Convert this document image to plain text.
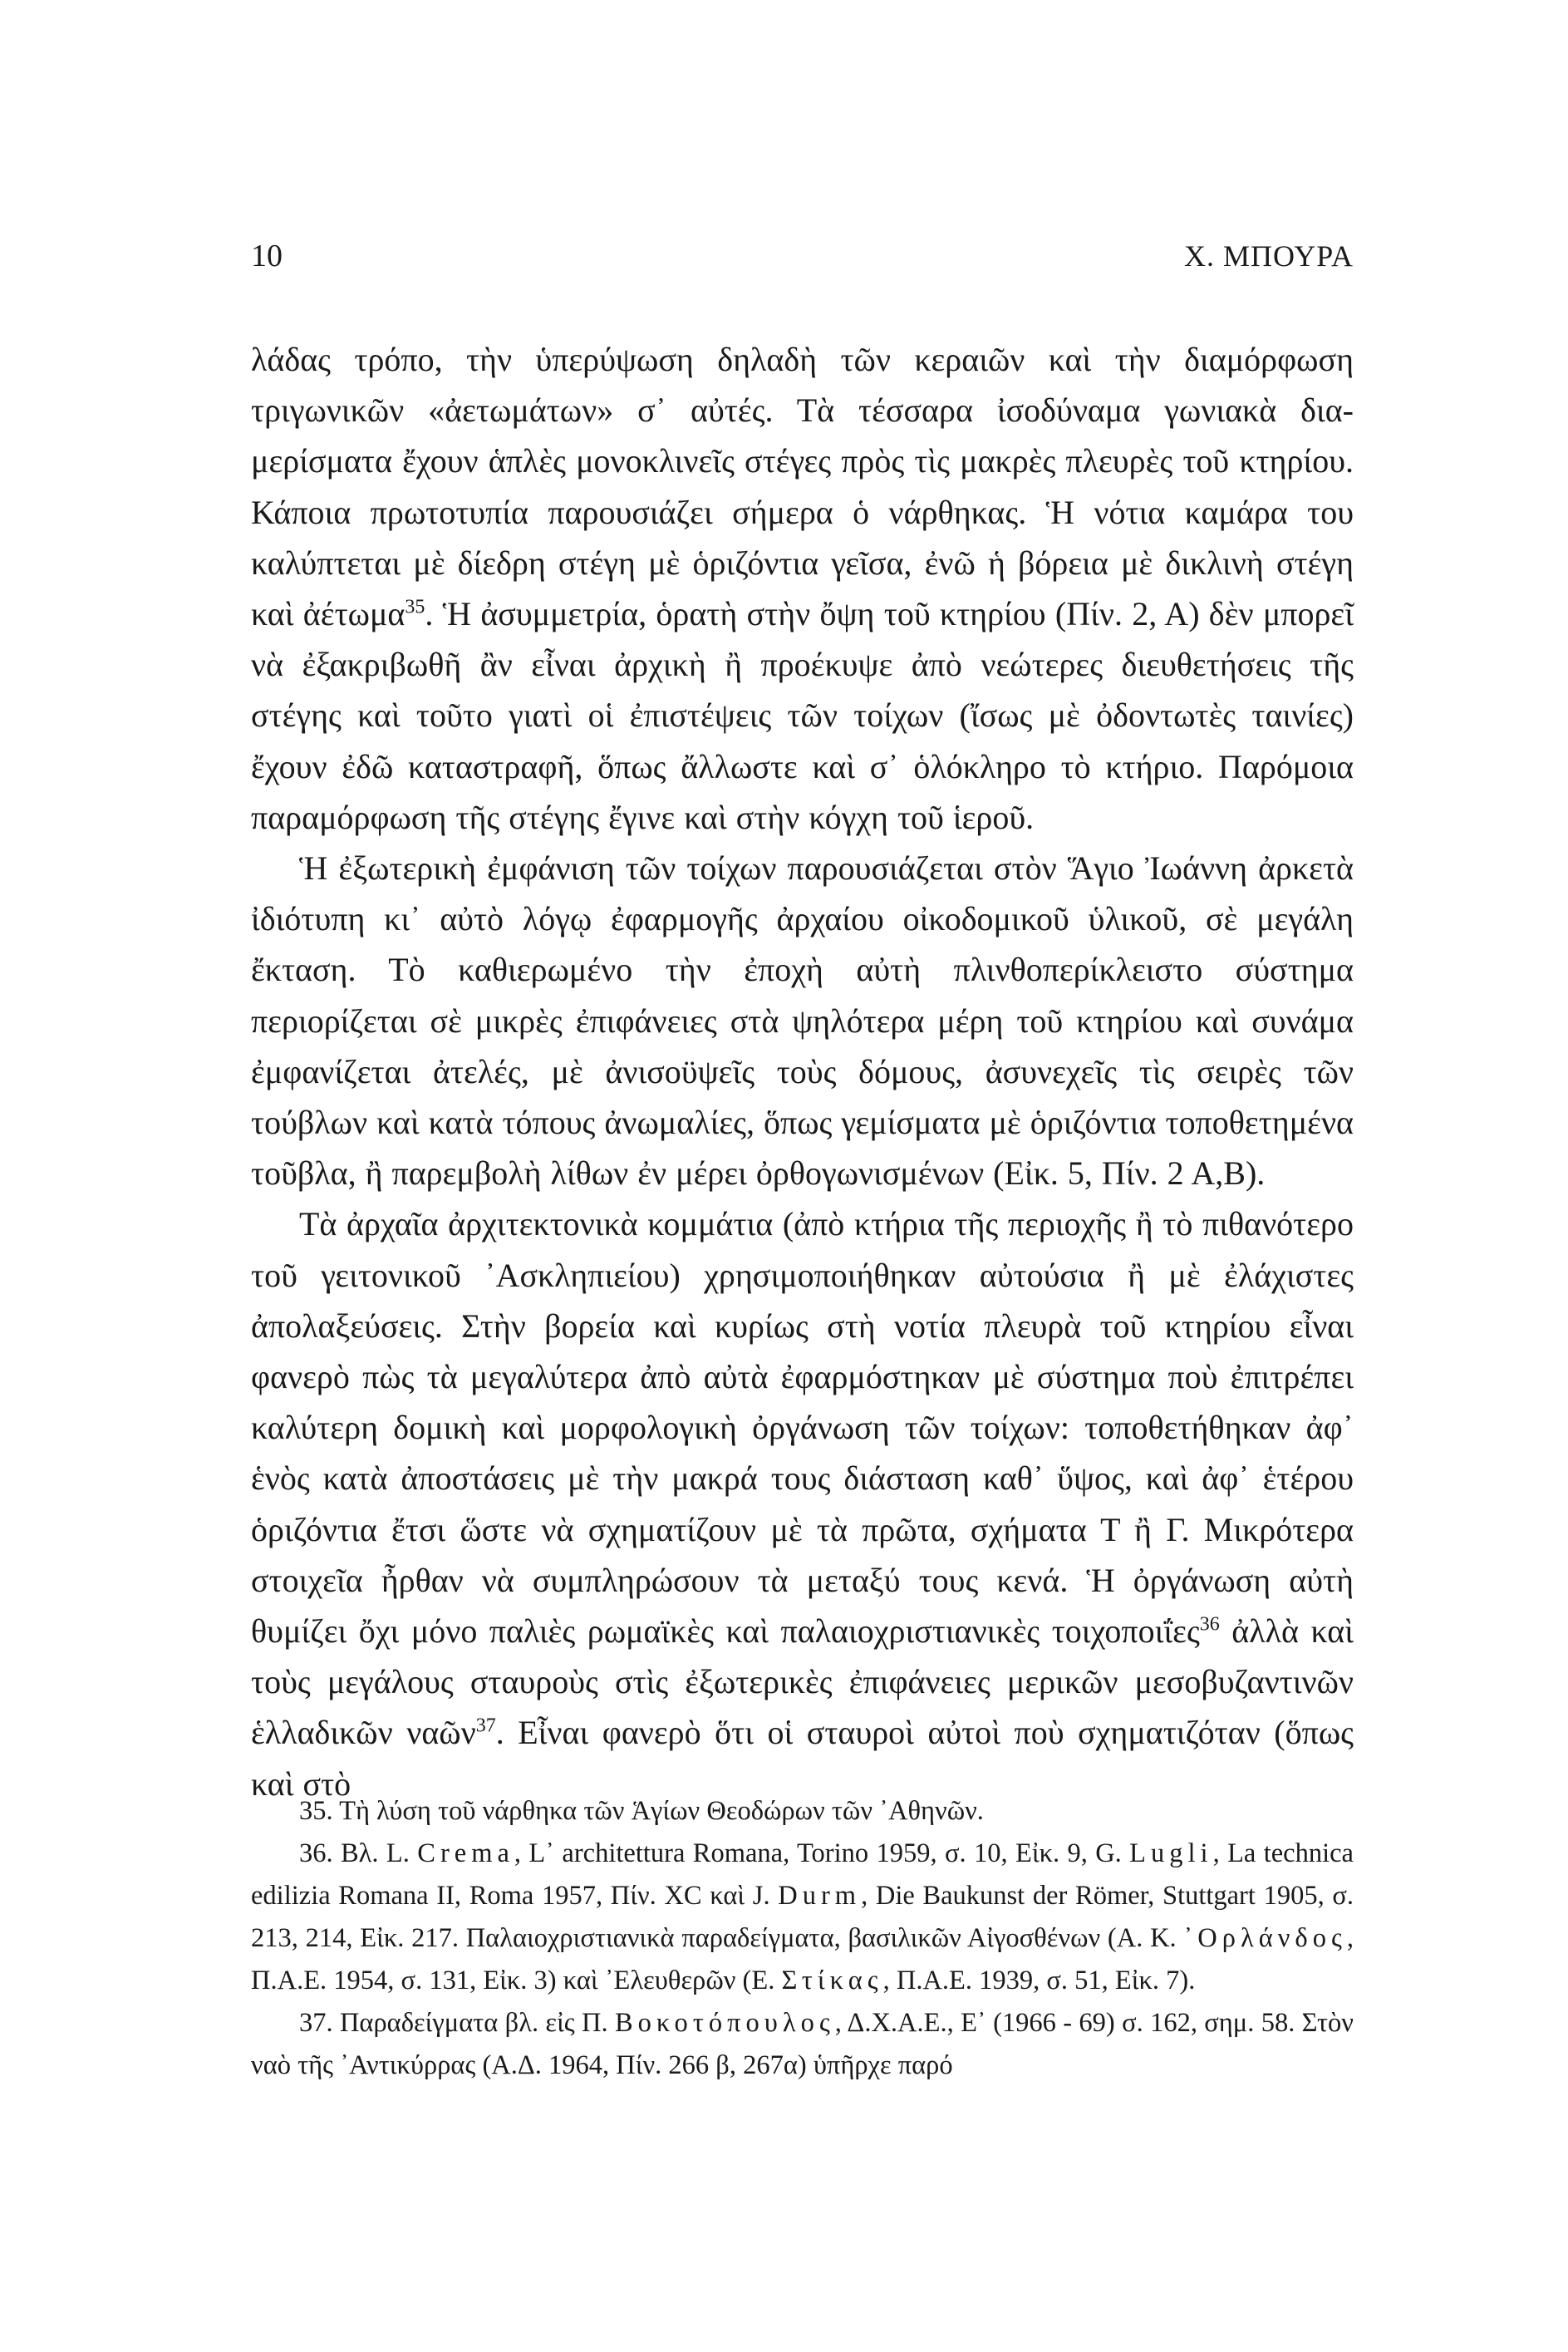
10	Χ. ΜΠΟΥΡΑ

λάδας τρόπο, τὴν ὑπερύψωση δηλαδὴ τῶν κεραιῶν καὶ τὴν διαμόρφωση τριγωνικῶν «ἀετωμάτων» σ᾿ αὐτές. Τὰ τέσσαρα ἰσοδύναμα γωνιακὰ διαμερίσματα ἔχουν ἁπλὲς μονοκλινεῖς στέγες πρὸς τὶς μακρὲς πλευρὲς τοῦ κτηρίου. Κάποια πρωτοτυπία παρουσιάζει σήμερα ὁ νάρθηκας. Ἡ νότια καμάρα του καλύπτεται μὲ δίεδρη στέγη μὲ ὁριζόντια γεῖσα, ἐνῶ ἡ βόρεια μὲ δικλινὴ στέγη καὶ ἀέτωμα$^{35}$. Ἡ ἀσυμμετρία, ὁρατὴ στὴν ὄψη τοῦ κτηρίου (Πίν. 2, Α) δὲν μπορεῖ νὰ ἐξακριβωθῆ ἂν εἶναι ἀρχικὴ ἢ προέκυψε ἀπὸ νεώτερες διευθετήσεις τῆς στέγης καὶ τοῦτο γιατὶ οἱ ἐπιστέψεις τῶν τοίχων (ἴσως μὲ ὀδοντωτὲς ταινίες) ἔχουν ἐδῶ καταστραφῆ, ὅπως ἄλλωστε καὶ σ᾿ ὁλόκληρο τὸ κτήριο. Παρόμοια παραμόρφωση τῆς στέγης ἔγινε καὶ στὴν κόγχη τοῦ ἱεροῦ.

Ἡ ἐξωτερικὴ ἐμφάνιση τῶν τοίχων παρουσιάζεται στὸν Ἅγιο Ἰωάννη ἀρκετὰ ἰδιότυπη κι᾿ αὐτὸ λόγῳ ἐφαρμογῆς ἀρχαίου οἰκοδομικοῦ ὑλικοῦ, σὲ μεγάλη ἔκταση. Τὸ καθιερωμένο τὴν ἐποχὴ αὐτὴ πλινθοπερίκλειστο σύστημα περιορίζεται σὲ μικρὲς ἐπιφάνειες στὰ ψηλότερα μέρη τοῦ κτηρίου καὶ συνάμα ἐμφανίζεται ἀτελές, μὲ ἀνισοϋψεῖς τοὺς δόμους, ἀσυνεχεῖς τὶς σειρὲς τῶν τούβλων καὶ κατὰ τόπους ἀνωμαλίες, ὅπως γεμίσματα μὲ ὁριζόντια τοποθετημένα τοῦβλα, ἢ παρεμβολὴ λίθων ἐν μέρει ὀρθογωνισμένων (Εἰκ. 5, Πίν. 2 Α,Β).

Τὰ ἀρχαῖα ἀρχιτεκτονικὰ κομμάτια (ἀπὸ κτήρια τῆς περιοχῆς ἢ τὸ πιθανότερο τοῦ γειτονικοῦ ᾿Ασκληπιείου) χρησιμοποιήθηκαν αὐτούσια ἢ μὲ ἐλάχιστες ἀπολαξεύσεις. Στὴν βορεία καὶ κυρίως στὴ νοτία πλευρὰ τοῦ κτηρίου εἶναι φανερὸ πὼς τὰ μεγαλύτερα ἀπὸ αὐτὰ ἐφαρμόστηκαν μὲ σύστημα ποὺ ἐπιτρέπει καλύτερη δομικὴ καὶ μορφολογικὴ ὀργάνωση τῶν τοίχων: τοποθετήθηκαν ἀφ᾿ ἑνὸς κατὰ ἀποστάσεις μὲ τὴν μακρά τους διάσταση καθ᾿ ὕψος, καὶ ἀφ᾿ ἑτέρου ὁριζόντια ἔτσι ὥστε νὰ σχηματίζουν μὲ τὰ πρῶτα, σχήματα Τ ἢ Γ. Μικρότερα στοιχεῖα ἦρθαν νὰ συμπληρώσουν τὰ μεταξύ τους κενά. Ἡ ὀργάνωση αὐτὴ θυμίζει ὄχι μόνο παλιὲς ρωμαϊκὲς καὶ παλαιοχριστιανικὲς τοιχοποιΐες$^{36}$ ἀλλὰ καὶ τοὺς μεγάλους σταυροὺς στὶς ἐξωτερικὲς ἐπιφάνειες μερικῶν μεσοβυζαντινῶν ἑλλαδικῶν ναῶν$^{37}$. Εἶναι φανερὸ ὅτι οἱ σταυροὶ αὐτοὶ ποὺ σχηματιζόταν (ὅπως καὶ στὸ

35. Τὴ λύση τοῦ νάρθηκα τῶν Ἁγίων Θεοδώρων τῶν ᾿Αθηνῶν.

36. Βλ. L. Crema, L᾿ architettura Romana, Torino 1959, σ. 10, Εἰκ. 9, G. Lugli, La technica edilizia Romana II, Roma 1957, Πίν. XC καὶ J. Durm, Die Baukunst der Römer, Stuttgart 1905, σ. 213, 214, Εἰκ. 217. Παλαιοχριστιανικὰ παραδείγματα, βασιλικῶν Αἰγοσθένων (Α. Κ. ᾿Ορλάνδος, Π.Α.Ε. 1954, σ. 131, Εἰκ. 3) καὶ ᾿Ελευθερῶν (Ε. Στίκας, Π.Α.Ε. 1939, σ. 51, Εἰκ. 7).

37. Παραδείγματα βλ. εἰς Π. Βοκοτόπουλος, Δ.Χ.Α.Ε., Ε᾿ (1966 - 69) σ. 162, σημ. 58. Στὸν ναὸ τῆς ᾿Αντικύρρας (Α.Δ. 1964, Πίν. 266 β, 267α) ὑπῆρχε παρό
